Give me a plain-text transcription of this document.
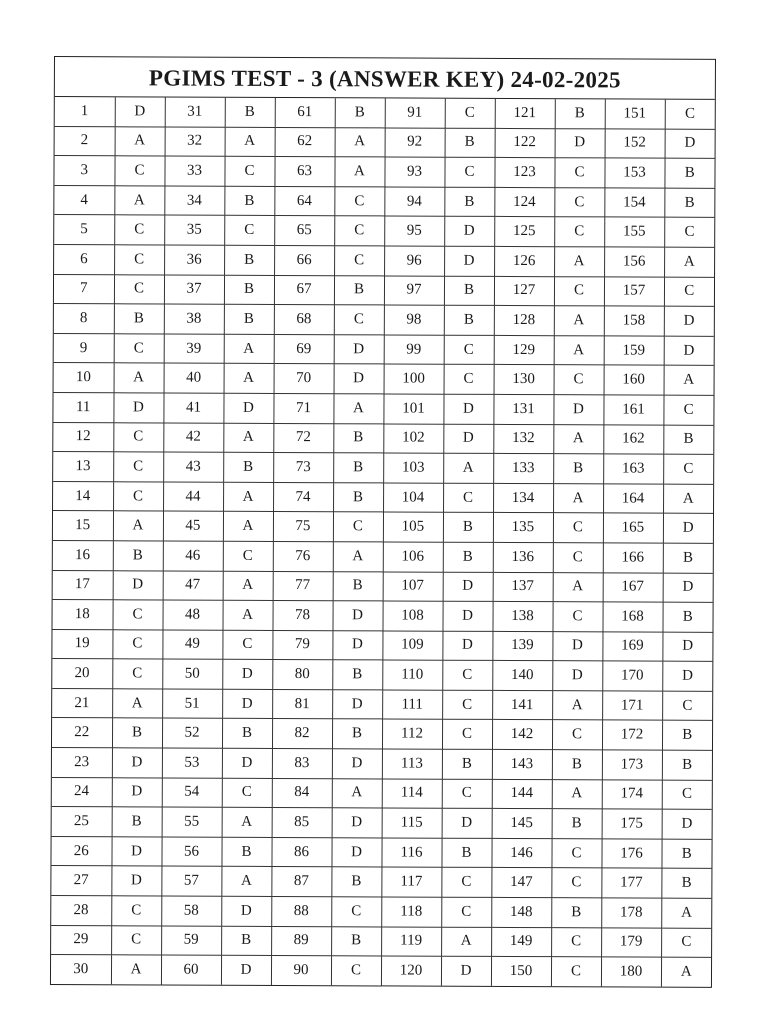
PGIMS TEST - 3 (ANSWER KEY) 24-02-2025
1	D	31	B	61	B	91	C	121	B	151	C
2	A	32	A	62	A	92	B	122	D	152	D
3	C	33	C	63	A	93	C	123	C	153	B
4	A	34	B	64	C	94	B	124	C	154	B
5	C	35	C	65	C	95	D	125	C	155	C
6	C	36	B	66	C	96	D	126	A	156	A
7	C	37	B	67	B	97	B	127	C	157	C
8	B	38	B	68	C	98	B	128	A	158	D
9	C	39	A	69	D	99	C	129	A	159	D
10	A	40	A	70	D	100	C	130	C	160	A
11	D	41	D	71	A	101	D	131	D	161	C
12	C	42	A	72	B	102	D	132	A	162	B
13	C	43	B	73	B	103	A	133	B	163	C
14	C	44	A	74	B	104	C	134	A	164	A
15	A	45	A	75	C	105	B	135	C	165	D
16	B	46	C	76	A	106	B	136	C	166	B
17	D	47	A	77	B	107	D	137	A	167	D
18	C	48	A	78	D	108	D	138	C	168	B
19	C	49	C	79	D	109	D	139	D	169	D
20	C	50	D	80	B	110	C	140	D	170	D
21	A	51	D	81	D	111	C	141	A	171	C
22	B	52	B	82	B	112	C	142	C	172	B
23	D	53	D	83	D	113	B	143	B	173	B
24	D	54	C	84	A	114	C	144	A	174	C
25	B	55	A	85	D	115	D	145	B	175	D
26	D	56	B	86	D	116	B	146	C	176	B
27	D	57	A	87	B	117	C	147	C	177	B
28	C	58	D	88	C	118	C	148	B	178	A
29	C	59	B	89	B	119	A	149	C	179	C
30	A	60	D	90	C	120	D	150	C	180	A
